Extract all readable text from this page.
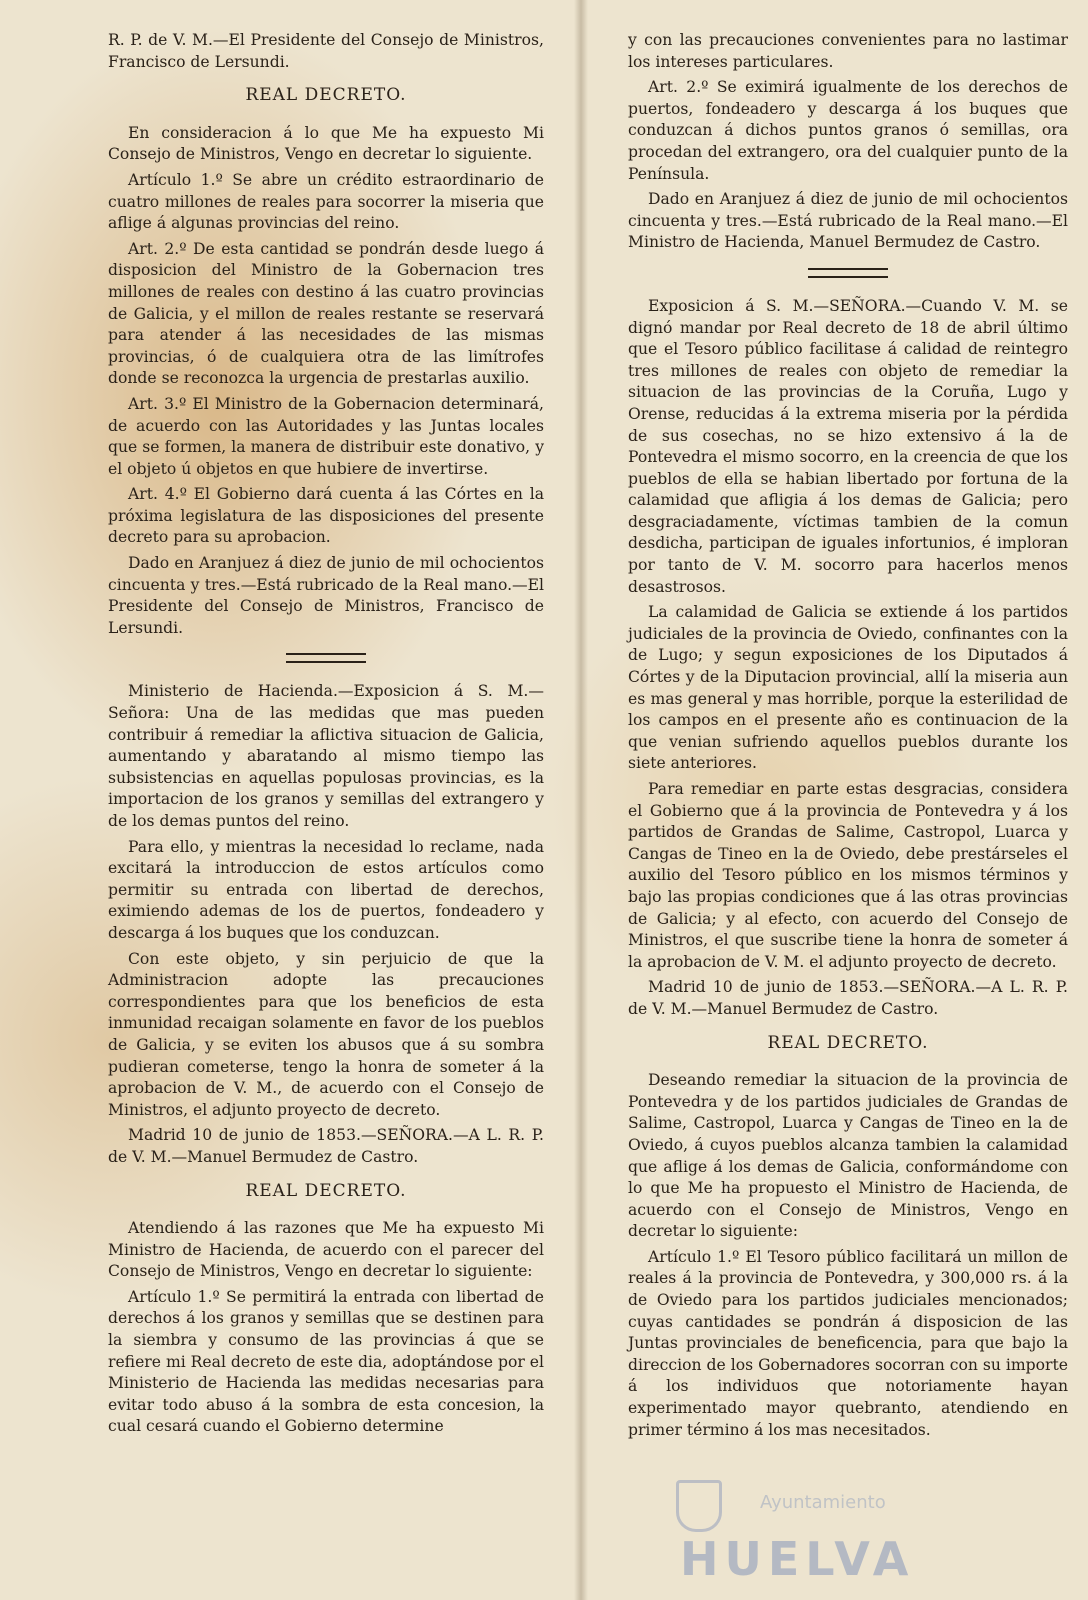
R. P. de V. M.—El Presidente del Consejo de Ministros, Francisco de Lersundi.

REAL DECRETO.

En consideracion á lo que Me ha expuesto Mi Consejo de Ministros, Vengo en decretar lo siguiente.

Artículo 1.º Se abre un crédito estraordinario de cuatro millones de reales para socorrer la miseria que aflige á algunas provincias del reino.

Art. 2.º De esta cantidad se pondrán desde luego á disposicion del Ministro de la Gobernacion tres millones de reales con destino á las cuatro provincias de Galicia, y el millon de reales restante se reservará para atender á las necesidades de las mismas provincias, ó de cualquiera otra de las limítrofes donde se reconozca la urgencia de prestarlas auxilio.

Art. 3.º El Ministro de la Gobernacion determinará, de acuerdo con las Autoridades y las Juntas locales que se formen, la manera de distribuir este donativo, y el objeto ú objetos en que hubiere de invertirse.

Art. 4.º El Gobierno dará cuenta á las Córtes en la próxima legislatura de las disposiciones del presente decreto para su aprobacion.

Dado en Aranjuez á diez de junio de mil ochocientos cincuenta y tres.—Está rubricado de la Real mano.—El Presidente del Consejo de Ministros, Francisco de Lersundi.

Ministerio de Hacienda.—Exposicion á S. M.—Señora: Una de las medidas que mas pueden contribuir á remediar la aflictiva situacion de Galicia, aumentando y abaratando al mismo tiempo las subsistencias en aquellas populosas provincias, es la importacion de los granos y semillas del extrangero y de los demas puntos del reino.

Para ello, y mientras la necesidad lo reclame, nada excitará la introduccion de estos artículos como permitir su entrada con libertad de derechos, eximiendo ademas de los de puertos, fondeadero y descarga á los buques que los conduzcan.

Con este objeto, y sin perjuicio de que la Administracion adopte las precauciones correspondientes para que los beneficios de esta inmunidad recaigan solamente en favor de los pueblos de Galicia, y se eviten los abusos que á su sombra pudieran cometerse, tengo la honra de someter á la aprobacion de V. M., de acuerdo con el Consejo de Ministros, el adjunto proyecto de decreto.

Madrid 10 de junio de 1853.—SEÑORA.—A L. R. P. de V. M.—Manuel Bermudez de Castro.

REAL DECRETO.

Atendiendo á las razones que Me ha expuesto Mi Ministro de Hacienda, de acuerdo con el parecer del Consejo de Ministros, Vengo en decretar lo siguiente:

Artículo 1.º Se permitirá la entrada con libertad de derechos á los granos y semillas que se destinen para la siembra y consumo de las provincias á que se refiere mi Real decreto de este dia, adoptándose por el Ministerio de Hacienda las medidas necesarias para evitar todo abuso á la sombra de esta concesion, la cual cesará cuando el Gobierno determine

y con las precauciones convenientes para no lastimar los intereses particulares.

Art. 2.º Se eximirá igualmente de los derechos de puertos, fondeadero y descarga á los buques que conduzcan á dichos puntos granos ó semillas, ora procedan del extrangero, ora del cualquier punto de la Península.

Dado en Aranjuez á diez de junio de mil ochocientos cincuenta y tres.—Está rubricado de la Real mano.—El Ministro de Hacienda, Manuel Bermudez de Castro.

Exposicion á S. M.—SEÑORA.—Cuando V. M. se dignó mandar por Real decreto de 18 de abril último que el Tesoro público facilitase á calidad de reintegro tres millones de reales con objeto de remediar la situacion de las provincias de la Coruña, Lugo y Orense, reducidas á la extrema miseria por la pérdida de sus cosechas, no se hizo extensivo á la de Pontevedra el mismo socorro, en la creencia de que los pueblos de ella se habian libertado por fortuna de la calamidad que afligia á los demas de Galicia; pero desgraciadamente, víctimas tambien de la comun desdicha, participan de iguales infortunios, é imploran por tanto de V. M. socorro para hacerlos menos desastrosos.

La calamidad de Galicia se extiende á los partidos judiciales de la provincia de Oviedo, confinantes con la de Lugo; y segun exposiciones de los Diputados á Córtes y de la Diputacion provincial, allí la miseria aun es mas general y mas horrible, porque la esterilidad de los campos en el presente año es continuacion de la que venian sufriendo aquellos pueblos durante los siete anteriores.

Para remediar en parte estas desgracias, considera el Gobierno que á la provincia de Pontevedra y á los partidos de Grandas de Salime, Castropol, Luarca y Cangas de Tineo en la de Oviedo, debe prestárseles el auxilio del Tesoro público en los mismos términos y bajo las propias condiciones que á las otras provincias de Galicia; y al efecto, con acuerdo del Consejo de Ministros, el que suscribe tiene la honra de someter á la aprobacion de V. M. el adjunto proyecto de decreto.

Madrid 10 de junio de 1853.—SEÑORA.—A L. R. P. de V. M.—Manuel Bermudez de Castro.

REAL DECRETO.

Deseando remediar la situacion de la provincia de Pontevedra y de los partidos judiciales de Grandas de Salime, Castropol, Luarca y Cangas de Tineo en la de Oviedo, á cuyos pueblos alcanza tambien la calamidad que aflige á los demas de Galicia, conformándome con lo que Me ha propuesto el Ministro de Hacienda, de acuerdo con el Consejo de Ministros, Vengo en decretar lo siguiente:

Artículo 1.º El Tesoro público facilitará un millon de reales á la provincia de Pontevedra, y 300,000 rs. á la de Oviedo para los partidos judiciales mencionados; cuyas cantidades se pondrán á disposicion de las Juntas provinciales de beneficencia, para que bajo la direccion de los Gobernadores socorran con su importe á los individuos que notoriamente hayan experimentado mayor quebranto, atendiendo en primer término á los mas necesitados.

Ayuntamiento
HUELVA
